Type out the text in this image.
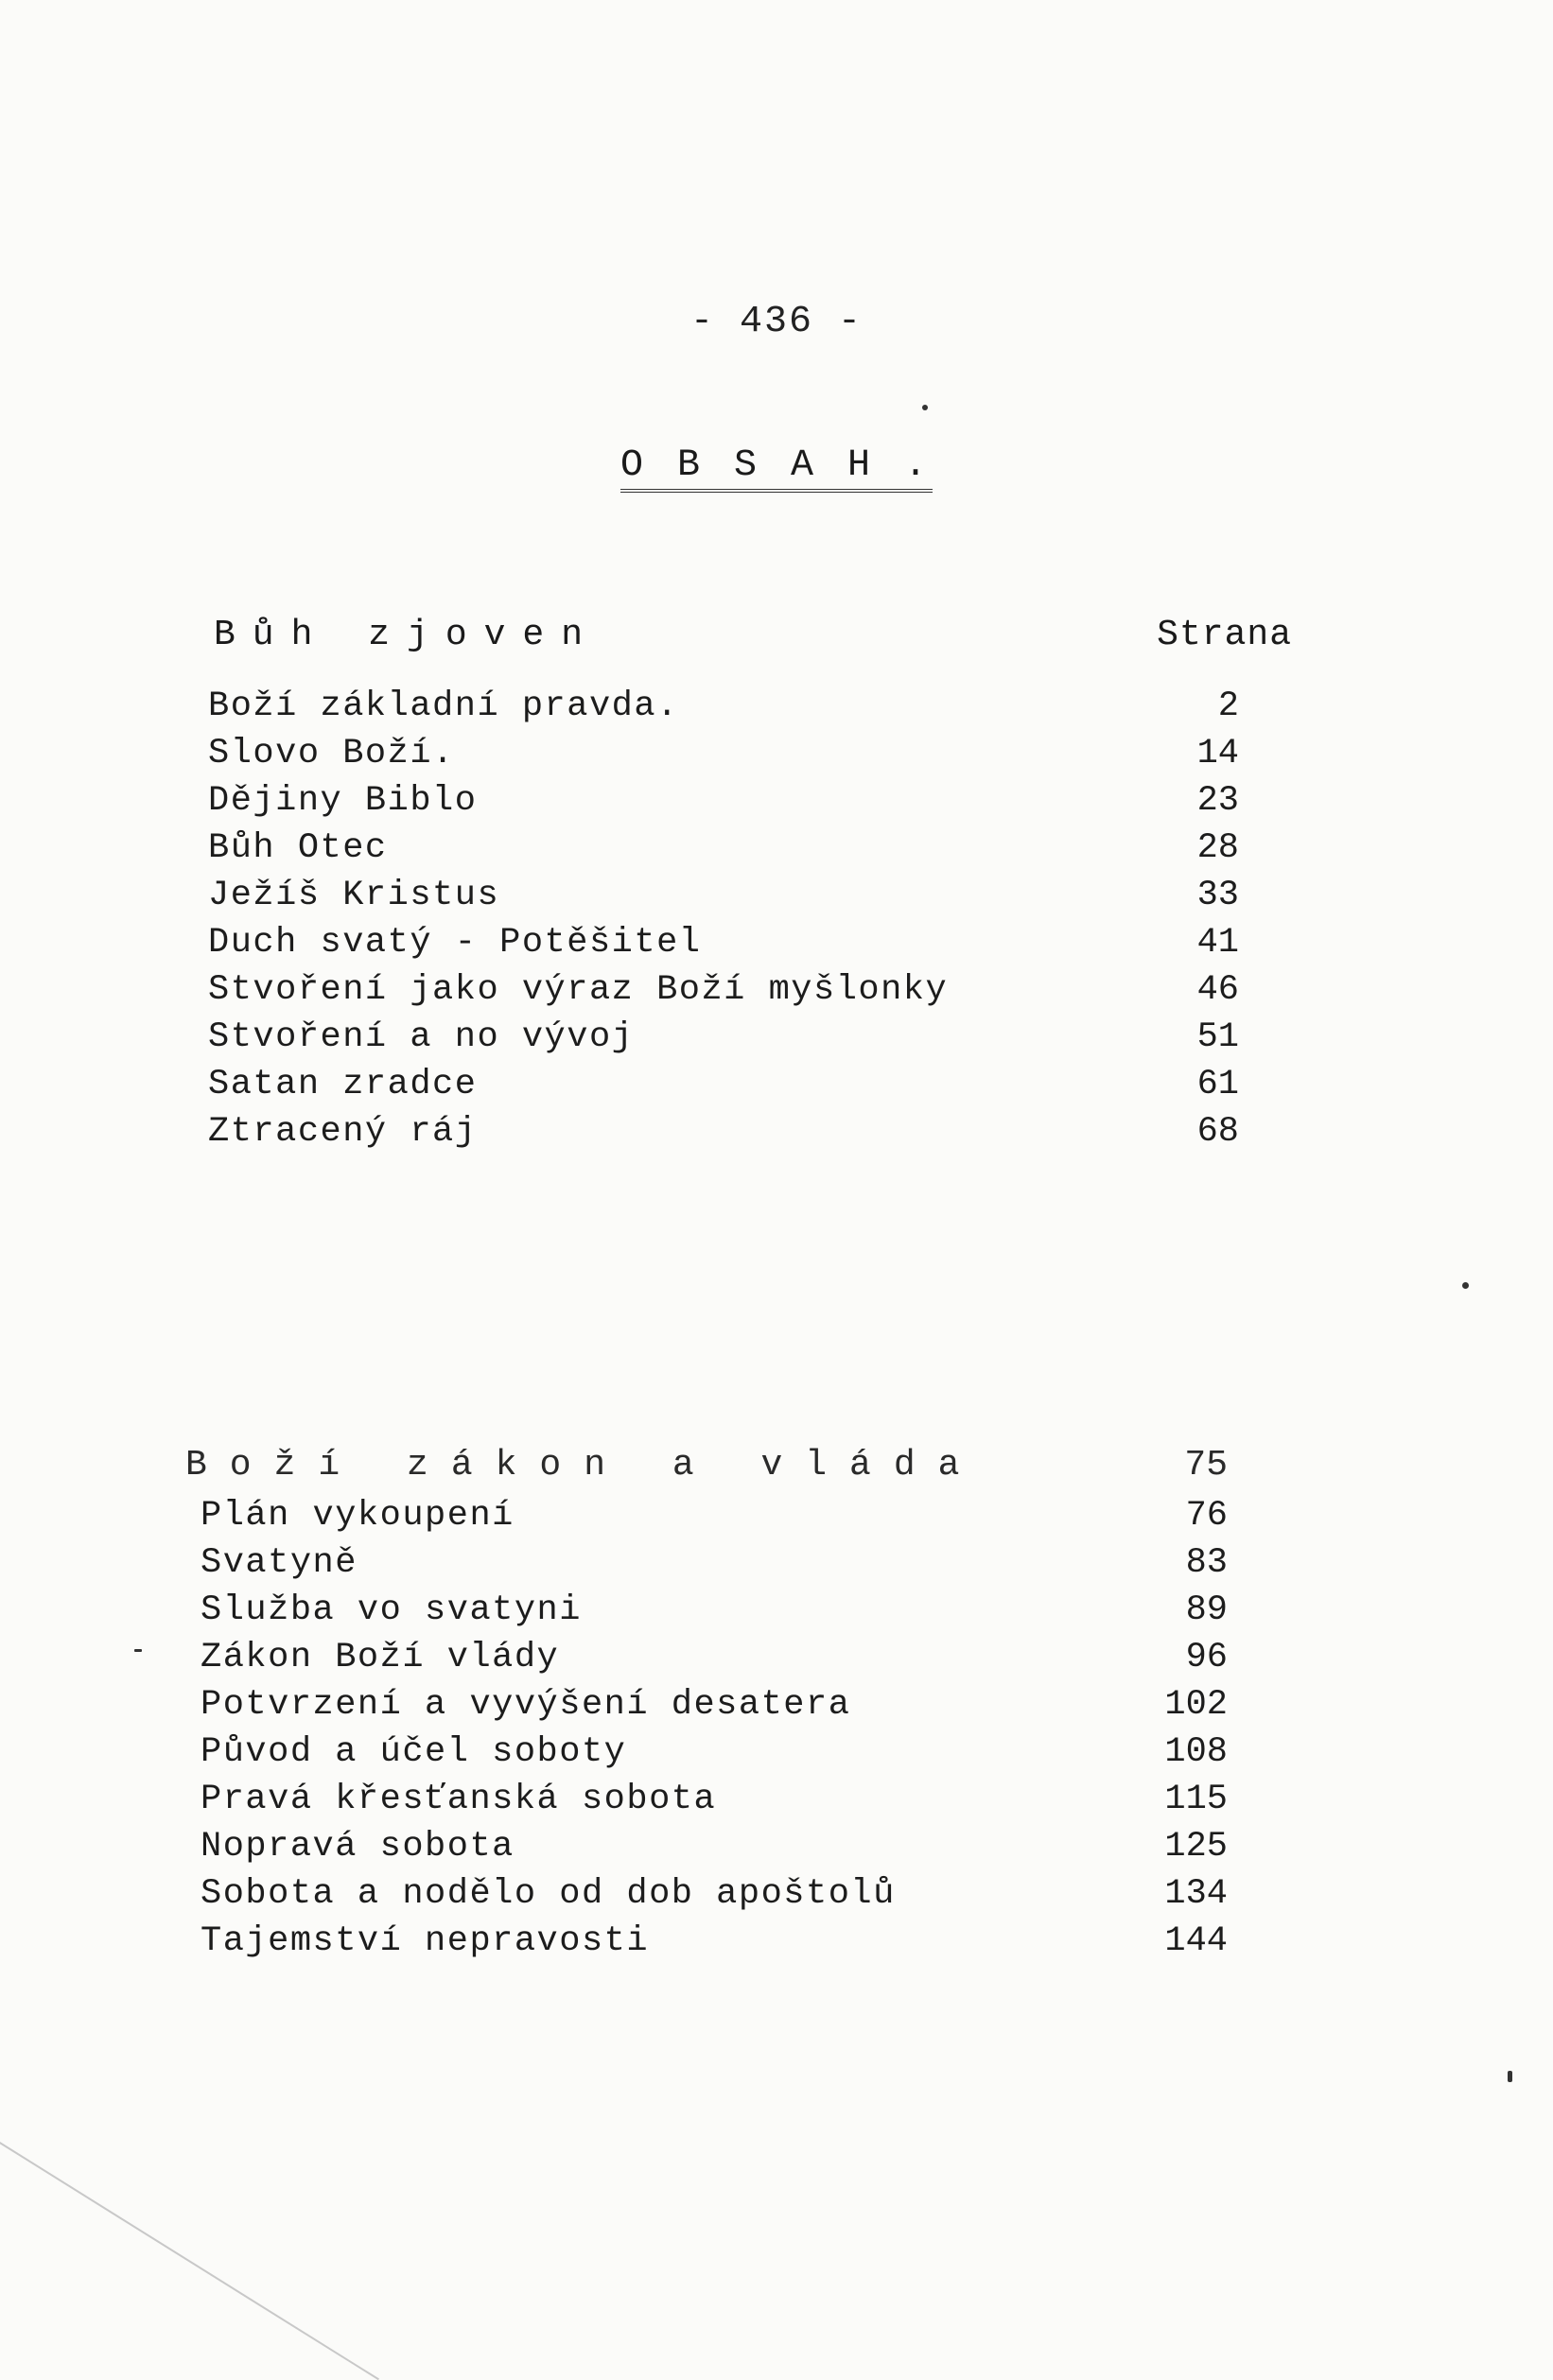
- 436 -
O B S A H .
Bůh zjoven	Strana
Boží základní pravda.	2
Slovo Boží.	14
Dějiny Biblo	23
Bůh Otec	28
Ježíš Kristus	33
Duch svatý - Potěšitel	41
Stvoření jako výraz Boží myšlonky	46
Stvoření a no vývoj	51
Satan zradce	61
Ztracený ráj	68
Boží zákon a vláda	75
Plán vykoupení	76
Svatyně	83
Služba vo svatyni	89
Zákon Boží vlády	96
Potvrzení a vyvýšení desatera	102
Původ a účel soboty	108
Pravá křesťanská sobota	115
Nopravá sobota	125
Sobota a nodělo od dob apoštolů	134
Tajemství nepravosti	144
